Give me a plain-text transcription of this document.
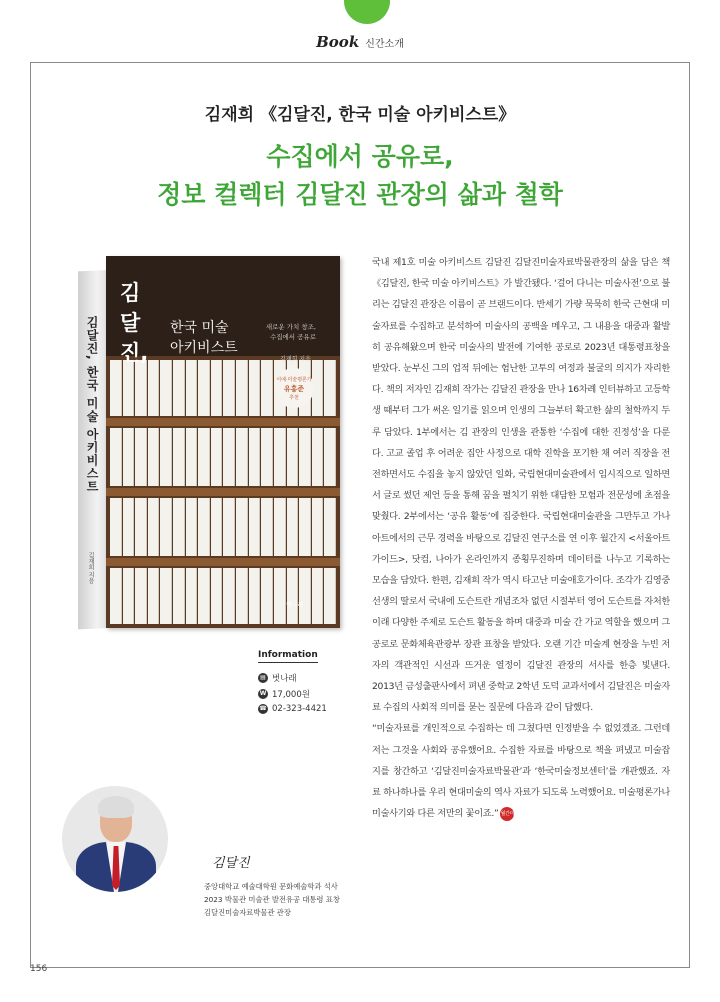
Book 신간소개
김재희 《김달진, 한국 미술 아키비스트》
수집에서 공유로,
정보 컬렉터 김달진 관장의 삶과 철학
김달진, 한국 미술 아키비스트
김
달
진,
한국 미술
아키비스트
새로운 가치 창조,
수집에서 공유로
김재희 지음
서예·미술평론가
유홍준
추천
벗나래
김재희 지음
Information
▤ 벗나래
W 17,000원
☎ 02-323-4421
김달진
중앙대학교 예술대학원 문화예술학과 석사
2023 박물관 미술관 발전유공 대통령 표창
김달진미술자료박물관 관장

국내 제1호 미술 아키비스트 김달진 김달진미술자료박물관장의 삶을 담은 책 《김달진, 한국 미술 아키비스트》가 발간됐다. ‘걸어 다니는 미술사전’으로 불리는 김달진 관장은 이름이 곧 브랜드이다. 반세기 가량 묵묵히 한국 근현대 미술자료를 수집하고 분석하여 미술사의 공백을 메우고, 그 내용을 대중과 활발히 공유해왔으며 한국 미술사의 발전에 기여한 공로로 2023년 대통령표창을 받았다. 눈부신 그의 업적 뒤에는 험난한 고투의 여정과 불굴의 의지가 자리한다. 책의 저자인 김재희 작가는 김달진 관장을 만나 16차례 인터뷰하고 고등학생 때부터 그가 써온 일기를 읽으며 인생의 그늘부터 확고한 삶의 철학까지 두루 담았다. 1부에서는 김 관장의 인생을 관통한 ‘수집에 대한 진정성’을 다룬다. 고교 졸업 후 어려운 집안 사정으로 대학 진학을 포기한 채 여러 직장을 전전하면서도 수집을 놓지 않았던 일화, 국립현대미술관에서 임시직으로 일하면서 글로 썼던 제언 등을 통해 꿈을 펼치기 위한 대담한 모험과 전문성에 초점을 맞췄다. 2부에서는 ‘공유 활동’에 집중한다. 국립현대미술관을 그만두고 가나아트에서의 근무 경력을 바탕으로 김달진 연구소를 연 이후 월간지 <서울아트가이드>, 닷컴, 나아가 온라인까지 종횡무진하며 데이터를 나누고 기록하는 모습을 담았다. 한편, 김재희 작가 역시 타고난 미술애호가이다. 조각가 김영중 선생의 딸로서 국내에 도슨트란 개념조차 없던 시절부터 영어 도슨트를 자처한 이래 다양한 주제로 도슨트 활동을 하며 대중과 미술 간 가교 역할을 했으며 그 공로로 문화체육관광부 장관 표창을 받았다. 오랜 기간 미술계 현장을 누빈 저자의 객관적인 시선과 뜨거운 열정이 김달진 관장의 서사를 한층 빛낸다. 2013년 금성출판사에서 펴낸 중학교 2학년 도덕 교과서에서 김달진은 미술자료 수집의 사회적 의미를 묻는 질문에 다음과 같이 답했다.

“미술자료를 개인적으로 수집하는 데 그쳤다면 인정받을 수 없었겠죠. 그런데 저는 그것을 사회와 공유했어요. 수집한 자료를 바탕으로 책을 펴냈고 미술잡지를 창간하고 ‘김달진미술자료박물관’과 ‘한국미술정보센터’를 개관했죠. 자료 하나하나를 우리 현대미술의 역사 자료가 되도록 노력했어요. 미술평론가나 미술사기와 다른 저만의 꽃이죠.” 월간미술

156
